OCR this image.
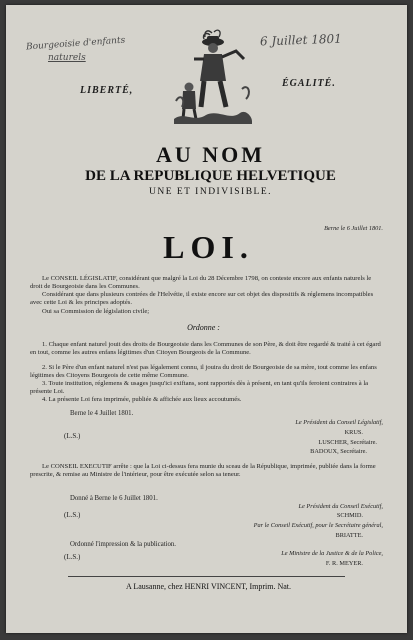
Bourgeoisie d'enfants
naturels
6 Juillet 1801
LIBERTÉ,
ÉGALITÉ.
AU NOM
DE LA REPUBLIQUE HELVETIQUE
UNE ET INDIVISIBLE.
Berne le 6 Juillet 1801.
LOI.
Le CONSEIL LÉGISLATIF, considérant que malgré la Loi du 28 Décembre 1798, on conteste encore aux enfants naturels le droit de Bourgeoisie dans les Communes.
Considérant que dans plusieurs contrées de l'Helvétie, il existe encore sur cet objet des dispositifs & réglemens incompatibles avec cette Loi & les principes adoptés.
Oui sa Commission de législation civile;
Ordonne :
1. Chaque enfant naturel jouit des droits de Bourgeoisie dans les Communes de son Père, & doit être regardé & traité à cet égard en tout, comme les autres enfans légitimes d'un Citoyen Bourgeois de la Commune.
2. Si le Père d'un enfant naturel n'est pas légalement connu, il jouira du droit de Bourgeoisie de sa mère, tout comme les enfans légitimes des Citoyens Bourgeois de cette même Commune.
3. Toute institution, réglemens & usages jusqu'ici exiftans, sont rapportés dès à présent, en tant qu'ils feroient contraires à la présente Loi.
4. La présente Loi fera imprimée, publiée & affichée aux lieux accoutumés.
Berne le 4 Juillet 1801.
(L.S.)
Le Président du Conseil Législatif,
KRUS.
LUSCHER, Secrétaire.
BADOUX, Secrétaire.
Le CONSEIL EXECUTIF arrête : que la Loi ci-dessus fera munie du sceau de la République, imprimée, publiée dans la forme prescrite, & remise au Ministre de l'intérieur, pour être exécutée selon sa teneur.
Donné à Berne le 6 Juillet 1801.
Le Président du Conseil Exécutif,
(L.S.)	SCHMID.
Par le Conseil Exécutif, pour le Secrétaire général,
BRIATTE.
Ordonné l'impression & la publication.
(L.S.)	Le Ministre de la Justice & de la Police,
F. R. MEYER.
A Lausanne, chez HENRI VINCENT, Imprim. Nat.
